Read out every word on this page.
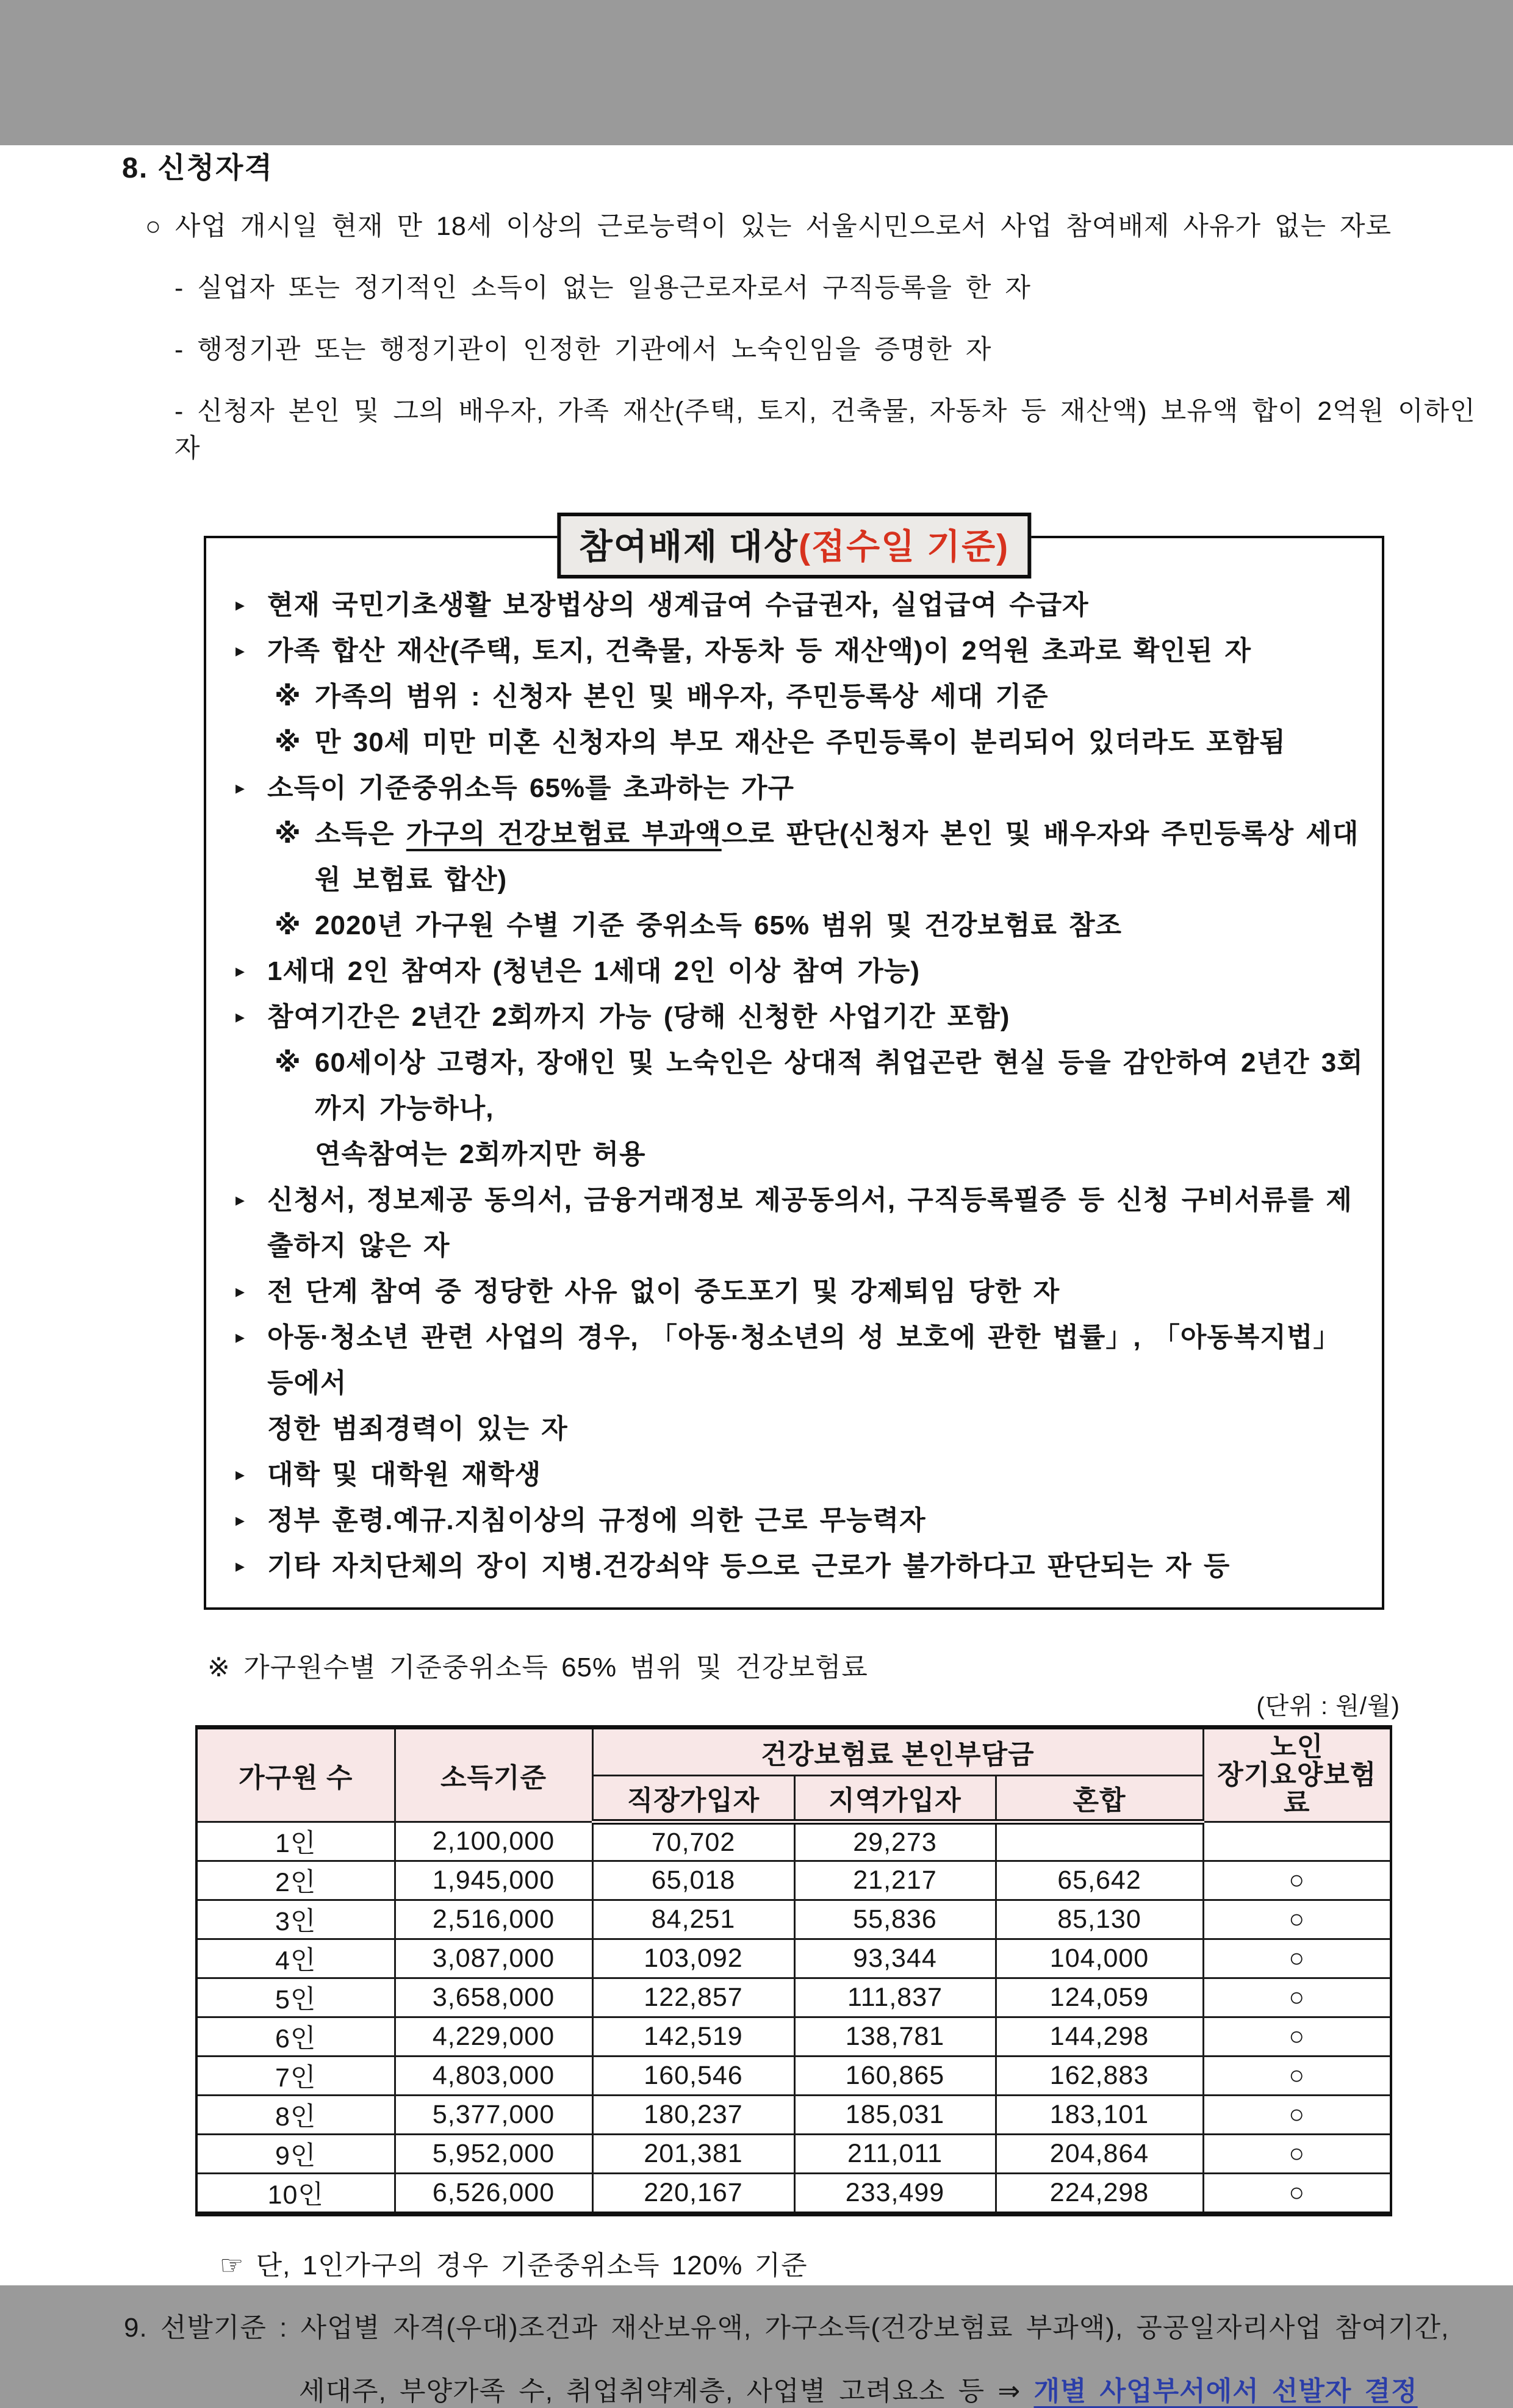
8. 신청자격

○ 사업 개시일 현재 만 18세 이상의 근로능력이 있는 서울시민으로서 사업 참여배제 사유가 없는 자로

- 실업자 또는 정기적인 소득이 없는 일용근로자로서 구직등록을 한 자

- 행정기관 또는 행정기관이 인정한 기관에서 노숙인임을 증명한 자

- 신청자 본인 및 그의 배우자, 가족 재산(주택, 토지, 건축물, 자동차 등 재산액) 보유액 합이 2억원 이하인 자

참여배제 대상(접수일 기준)
▸ 현재 국민기초생활 보장법상의 생계급여 수급권자, 실업급여 수급자
▸ 가족 합산 재산(주택, 토지, 건축물, 자동차 등 재산액)이 2억원 초과로 확인된 자
※ 가족의 범위 : 신청자 본인 및 배우자, 주민등록상 세대 기준
※ 만 30세 미만 미혼 신청자의 부모 재산은 주민등록이 분리되어 있더라도 포함됨
▸ 소득이 기준중위소득 65%를 초과하는 가구
※ 소득은 가구의 건강보험료 부과액으로 판단(신청자 본인 및 배우자와 주민등록상 세대원 보험료 합산)
※ 2020년 가구원 수별 기준 중위소득 65% 범위 및 건강보험료 참조
▸ 1세대 2인 참여자 (청년은 1세대 2인 이상 참여 가능)
▸ 참여기간은 2년간 2회까지 가능 (당해 신청한 사업기간 포함)
※ 60세이상 고령자, 장애인 및 노숙인은 상대적 취업곤란 현실 등을 감안하여 2년간 3회까지 가능하나,
연속참여는 2회까지만 허용
▸ 신청서, 정보제공 동의서, 금융거래정보 제공동의서, 구직등록필증 등 신청 구비서류를 제출하지 않은 자
▸ 전 단계 참여 중 정당한 사유 없이 중도포기 및 강제퇴임 당한 자
▸ 아동·청소년 관련 사업의 경우, 「아동·청소년의 성 보호에 관한 법률」, 「아동복지법」 등에서
정한 범죄경력이 있는 자
▸ 대학 및 대학원 재학생
▸ 정부 훈령.예규.지침이상의 규정에 의한 근로 무능력자
▸ 기타 자치단체의 장이 지병.건강쇠약 등으로 근로가 불가하다고 판단되는 자 등
※ 가구원수별 기준중위소득 65% 범위 및 건강보험료
(단위 : 원/월)
가구원 수	소득기준	건강보험료 본인부담금			노인
장기요양보험료
		직장가입자	지역가입자	혼합	
1인	2,100,000	70,702	29,273		
2인	1,945,000	65,018	21,217	65,642	○
3인	2,516,000	84,251	55,836	85,130	○
4인	3,087,000	103,092	93,344	104,000	○
5인	3,658,000	122,857	111,837	124,059	○
6인	4,229,000	142,519	138,781	144,298	○
7인	4,803,000	160,546	160,865	162,883	○
8인	5,377,000	180,237	185,031	183,101	○
9인	5,952,000	201,381	211,011	204,864	○
10인	6,526,000	220,167	233,499	224,298	○

☞ 단, 1인가구의 경우 기준중위소득 120% 기준

9. 선발기준 : 사업별 자격(우대)조건과 재산보유액, 가구소득(건강보험료 부과액), 공공일자리사업 참여기간,

세대주, 부양가족 수, 취업취약계층, 사업별 고려요소 등 ⇒ 개별 사업부서에서 선발자 결정
